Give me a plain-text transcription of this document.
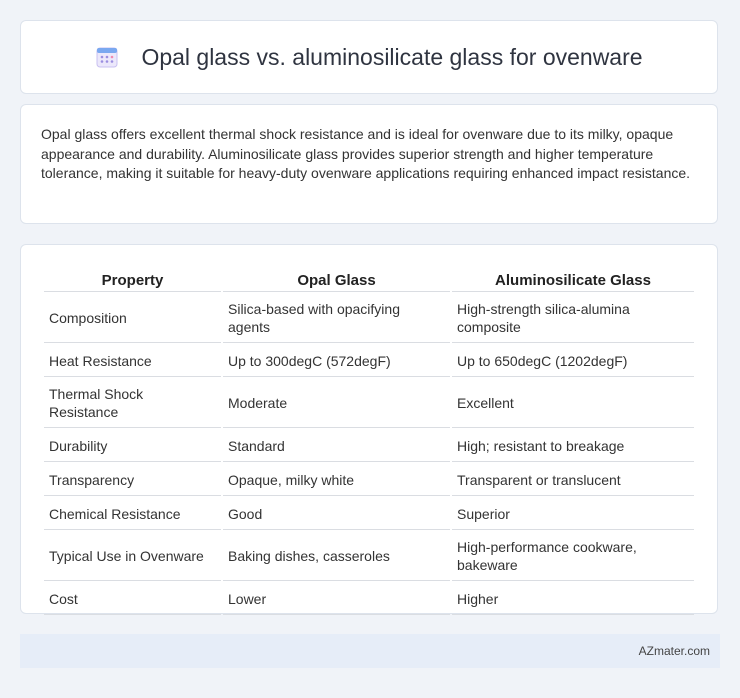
Opal glass vs. aluminosilicate glass for ovenware

Opal glass offers excellent thermal shock resistance and is ideal for ovenware due to its milky, opaque appearance and durability. Aluminosilicate glass provides superior strength and higher temperature tolerance, making it suitable for heavy-duty ovenware applications requiring enhanced impact resistance.

Property	Opal Glass	Aluminosilicate Glass
Composition	Silica-based with opacifying agents	High-strength silica-alumina composite
Heat Resistance	Up to 300degC (572degF)	Up to 650degC (1202degF)
Thermal Shock Resistance	Moderate	Excellent
Durability	Standard	High; resistant to breakage
Transparency	Opaque, milky white	Transparent or translucent
Chemical Resistance	Good	Superior
Typical Use in Ovenware	Baking dishes, casseroles	High-performance cookware, bakeware
Cost	Lower	Higher
AZmater.com
